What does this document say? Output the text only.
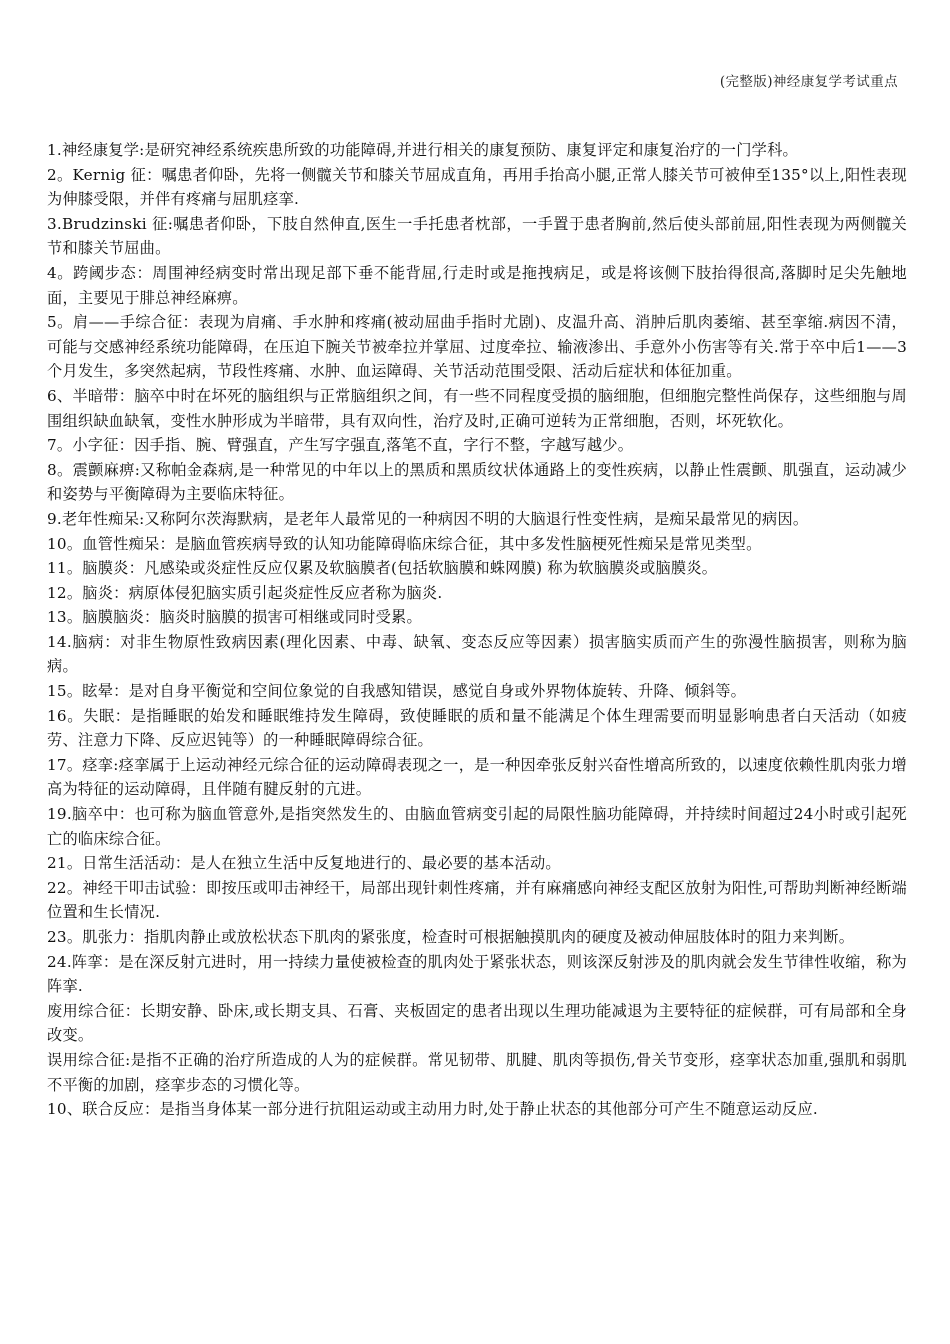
(完整版)神经康复学考试重点

1.神经康复学:是研究神经系统疾患所致的功能障碍,并进行相关的康复预防、康复评定和康复治疗的一门学科。

2。Kernig 征：嘱患者仰卧，先将一侧髋关节和膝关节屈成直角，再用手抬高小腿,正常人膝关节可被伸至135°以上,阳性表现为伸膝受限，并伴有疼痛与屈肌痉挛.

3.Brudzinski 征:嘱患者仰卧，下肢自然伸直,医生一手托患者枕部，一手置于患者胸前,然后使头部前屈,阳性表现为两侧髋关节和膝关节屈曲。

4。跨阈步态：周围神经病变时常出现足部下垂不能背屈,行走时或是拖拽病足，或是将该侧下肢抬得很高,落脚时足尖先触地面，主要见于腓总神经麻痹。

5。肩——手综合征：表现为肩痛、手水肿和疼痛(被动屈曲手指时尤剧)、皮温升高、消肿后肌肉萎缩、甚至挛缩.病因不清，可能与交感神经系统功能障碍，在压迫下腕关节被牵拉并掌屈、过度牵拉、输液渗出、手意外小伤害等有关.常于卒中后1——3个月发生，多突然起病，节段性疼痛、水肿、血运障碍、关节活动范围受限、活动后症状和体征加重。

6、半暗带：脑卒中时在坏死的脑组织与正常脑组织之间，有一些不同程度受损的脑细胞，但细胞完整性尚保存，这些细胞与周围组织缺血缺氧，变性水肿形成为半暗带，具有双向性，治疗及时,正确可逆转为正常细胞，否则，坏死软化。

7。小字征：因手指、腕、臂强直，产生写字强直,落笔不直，字行不整，字越写越少。

8。震颤麻痹:又称帕金森病,是一种常见的中年以上的黑质和黑质纹状体通路上的变性疾病，以静止性震颤、肌强直，运动减少和姿势与平衡障碍为主要临床特征。

9.老年性痴呆:又称阿尔茨海默病，是老年人最常见的一种病因不明的大脑退行性变性病，是痴呆最常见的病因。

10。血管性痴呆：是脑血管疾病导致的认知功能障碍临床综合征，其中多发性脑梗死性痴呆是常见类型。

11。脑膜炎：凡感染或炎症性反应仅累及软脑膜者(包括软脑膜和蛛网膜) 称为软脑膜炎或脑膜炎。

12。脑炎：病原体侵犯脑实质引起炎症性反应者称为脑炎.

13。脑膜脑炎：脑炎时脑膜的损害可相继或同时受累。

14.脑病：对非生物原性致病因素(理化因素、中毒、缺氧、变态反应等因素）损害脑实质而产生的弥漫性脑损害，则称为脑病。

15。眩晕：是对自身平衡觉和空间位象觉的自我感知错误，感觉自身或外界物体旋转、升降、倾斜等。

16。失眠：是指睡眠的始发和睡眠维持发生障碍，致使睡眠的质和量不能满足个体生理需要而明显影响患者白天活动（如疲劳、注意力下降、反应迟钝等）的一种睡眠障碍综合征。

17。痉挛:痉挛属于上运动神经元综合征的运动障碍表现之一，是一种因牵张反射兴奋性增高所致的，以速度依赖性肌肉张力增高为特征的运动障碍，且伴随有腱反射的亢进。

19.脑卒中：也可称为脑血管意外,是指突然发生的、由脑血管病变引起的局限性脑功能障碍，并持续时间超过24小时或引起死亡的临床综合征。

21。日常生活活动：是人在独立生活中反复地进行的、最必要的基本活动。

22。神经干叩击试验：即按压或叩击神经干，局部出现针刺性疼痛，并有麻痛感向神经支配区放射为阳性,可帮助判断神经断端位置和生长情况.

23。肌张力：指肌肉静止或放松状态下肌肉的紧张度，检查时可根据触摸肌肉的硬度及被动伸屈肢体时的阻力来判断。

24.阵挛：是在深反射亢进时，用一持续力量使被检查的肌肉处于紧张状态，则该深反射涉及的肌肉就会发生节律性收缩，称为阵挛.

废用综合征：长期安静、卧床,或长期支具、石膏、夹板固定的患者出现以生理功能减退为主要特征的症候群，可有局部和全身改变。

误用综合征:是指不正确的治疗所造成的人为的症候群。常见韧带、肌腱、肌肉等损伤,骨关节变形，痉挛状态加重,强肌和弱肌不平衡的加剧，痉挛步态的习惯化等。

10、联合反应：是指当身体某一部分进行抗阻运动或主动用力时,处于静止状态的其他部分可产生不随意运动反应.
